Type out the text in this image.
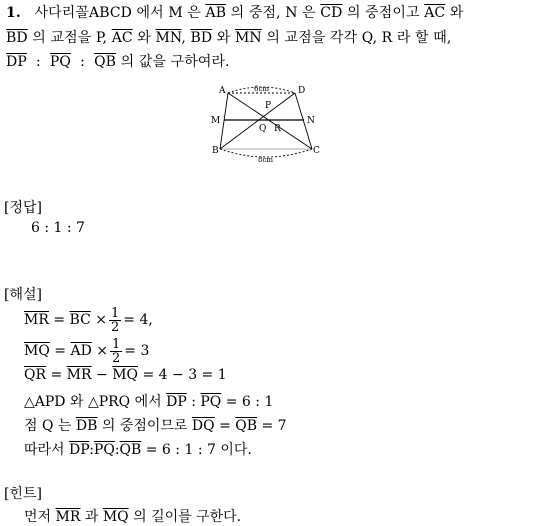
1. 사다리꼴ABCD 에서 M 은 $\overline{AB}$ 의 중점, N 은 $\overline{CD}$ 의 중점이고 $\overline{AC}$ 와
$\overline{BD}$ 의 교점을 P, $\overline{AC}$ 와 $\overline{MN}$, $\overline{BD}$ 와 $\overline{MN}$ 의 교점을 각각 Q, R 라 할 때,
$\overline{DP}$ : $\overline{PQ}$ : $\overline{QB}$ 의 값을 구하여라.
A	D
M	N
B	C
P
Q R
6cm
8cm
[정답]
6 : 1 : 7
[해설]
$\overline{MR}$
=
$\overline{BC}$
× $\frac{1}{2} = 4$,
$\overline{MQ}$
=
$\overline{AD}$
× $\frac{1}{2} = 3$
$\overline{QR} = \overline{MR} - \overline{MQ} = 4 - 3 = 1$
△APD 와 △PRQ 에서 $\overline{DP}$ : $\overline{PQ} = 6$ : 1
점 Q 는 $\overline{DB}$ 의 중점이므로 $\overline{DQ} = \overline{QB} = 7$
따라서 $\overline{DP}:\overline{PQ}:\overline{QB} = 6$ : 1 : 7 이다.
[힌트]
먼저 $\overline{MR}$ 과 $\overline{MQ}$ 의 길이를 구한다.
